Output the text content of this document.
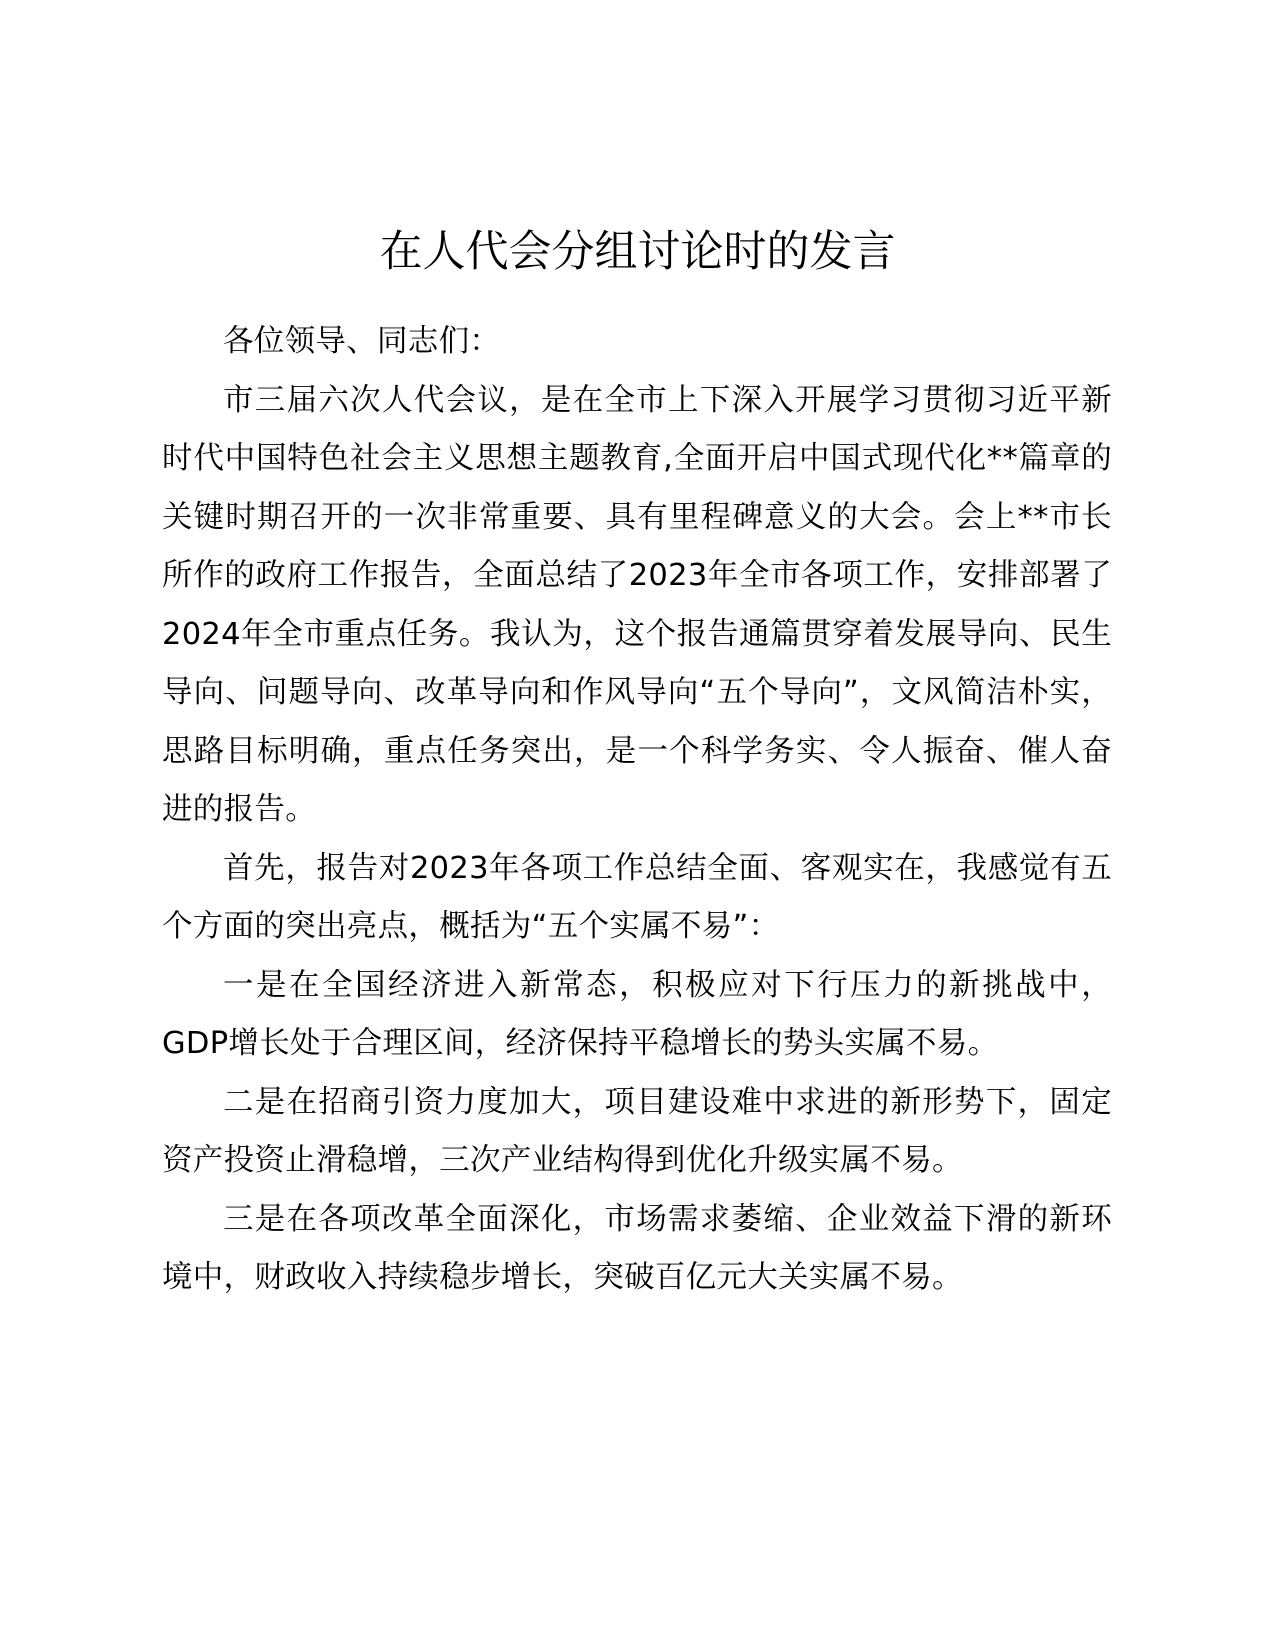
在人代会分组讨论时的发言

各位领导、同志们：

市三届六次人代会议，是在全市上下深入开展学习贯彻习近平新时代中国特色社会主义思想主题教育,全面开启中国式现代化**篇章的关键时期召开的一次非常重要、具有里程碑意义的大会。会上**市长所作的政府工作报告，全面总结了2023年全市各项工作，安排部署了2024年全市重点任务。我认为，这个报告通篇贯穿着发展导向、民生导向、问题导向、改革导向和作风导向“五个导向”，文风简洁朴实，思路目标明确，重点任务突出，是一个科学务实、令人振奋、催人奋进的报告。

首先，报告对2023年各项工作总结全面、客观实在，我感觉有五个方面的突出亮点，概括为“五个实属不易”：

一是在全国经济进入新常态，积极应对下行压力的新挑战中，GDP增长处于合理区间，经济保持平稳增长的势头实属不易。

二是在招商引资力度加大，项目建设难中求进的新形势下，固定资产投资止滑稳增，三次产业结构得到优化升级实属不易。

三是在各项改革全面深化，市场需求萎缩、企业效益下滑的新环境中，财政收入持续稳步增长，突破百亿元大关实属不易。
